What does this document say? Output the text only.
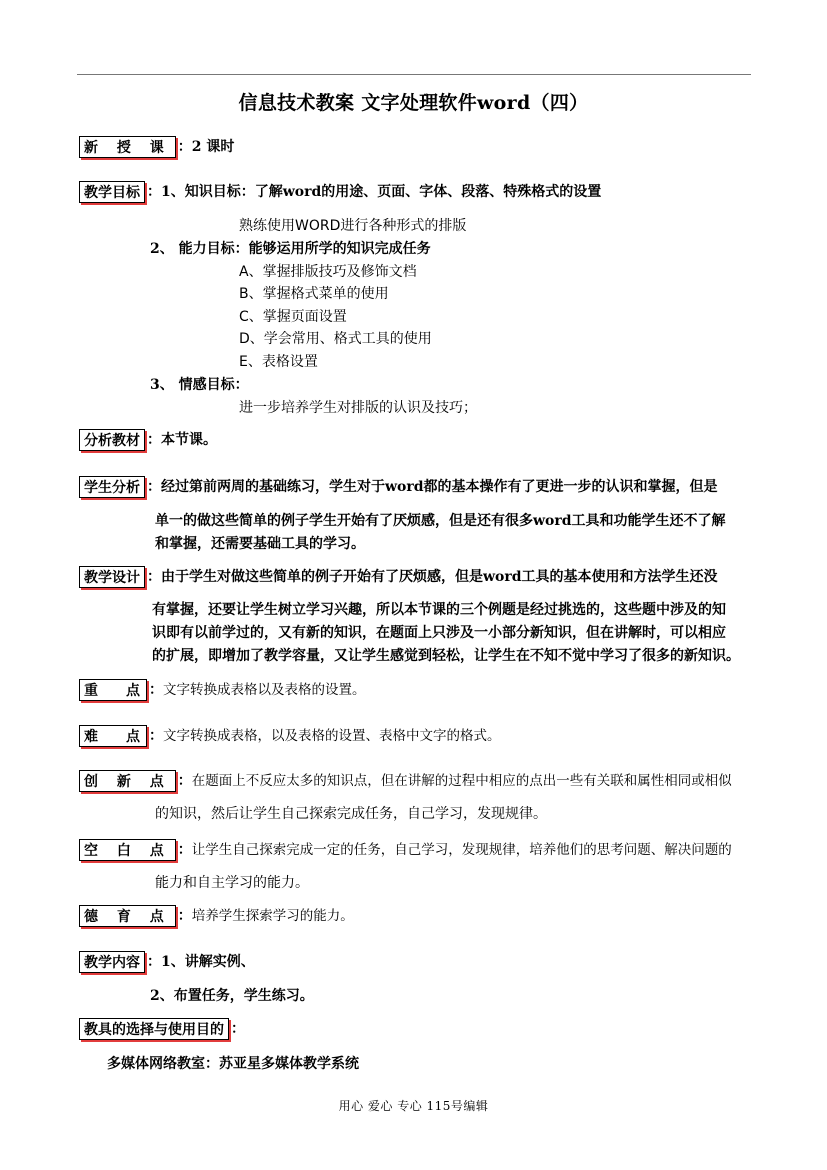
信息技术教案 文字处理软件word（四）
新 授 课 ： 2 课时
教学目标 ： 1、知识目标：了解word的用途、页面、字体、段落、特殊格式的设置
熟练使用WORD进行各种形式的排版
2、 能力目标：能够运用所学的知识完成任务
A、掌握排版技巧及修饰文档
B、掌握格式菜单的使用
C、掌握页面设置
D、学会常用、格式工具的使用
E、表格设置
3、 情感目标：
进一步培养学生对排版的认识及技巧；
分析教材 ： 本节课。
学生分析 ： 经过第前两周的基础练习，学生对于word都的基本操作有了更进一步的认识和掌握，但是
单一的做这些简单的例子学生开始有了厌烦感，但是还有很多word工具和功能学生还不了解
和掌握，还需要基础工具的学习。
教学设计 ： 由于学生对做这些简单的例子开始有了厌烦感，但是word工具的基本使用和方法学生还没
有掌握，还要让学生树立学习兴趣，所以本节课的三个例题是经过挑选的，这些题中涉及的知
识即有以前学过的，又有新的知识，在题面上只涉及一小部分新知识，但在讲解时，可以相应
的扩展，即增加了教学容量，又让学生感觉到轻松，让学生在不知不觉中学习了很多的新知识。
重　点 ： 文字转换成表格以及表格的设置。
难　点 ： 文字转换成表格，以及表格的设置、表格中文字的格式。
创 新 点 ： 在题面上不反应太多的知识点，但在讲解的过程中相应的点出一些有关联和属性相同或相似
的知识，然后让学生自己探索完成任务，自己学习，发现规律。
空 白 点 ： 让学生自己探索完成一定的任务，自己学习，发现规律，培养他们的思考问题、解决问题的
能力和自主学习的能力。
德 育 点 ： 培养学生探索学习的能力。
教学内容 ： 1、讲解实例、
2、布置任务，学生练习。
教具的选择与使用目的 ：
多媒体网络教室：苏亚星多媒体教学系统
用心 爱心 专心 115号编辑
